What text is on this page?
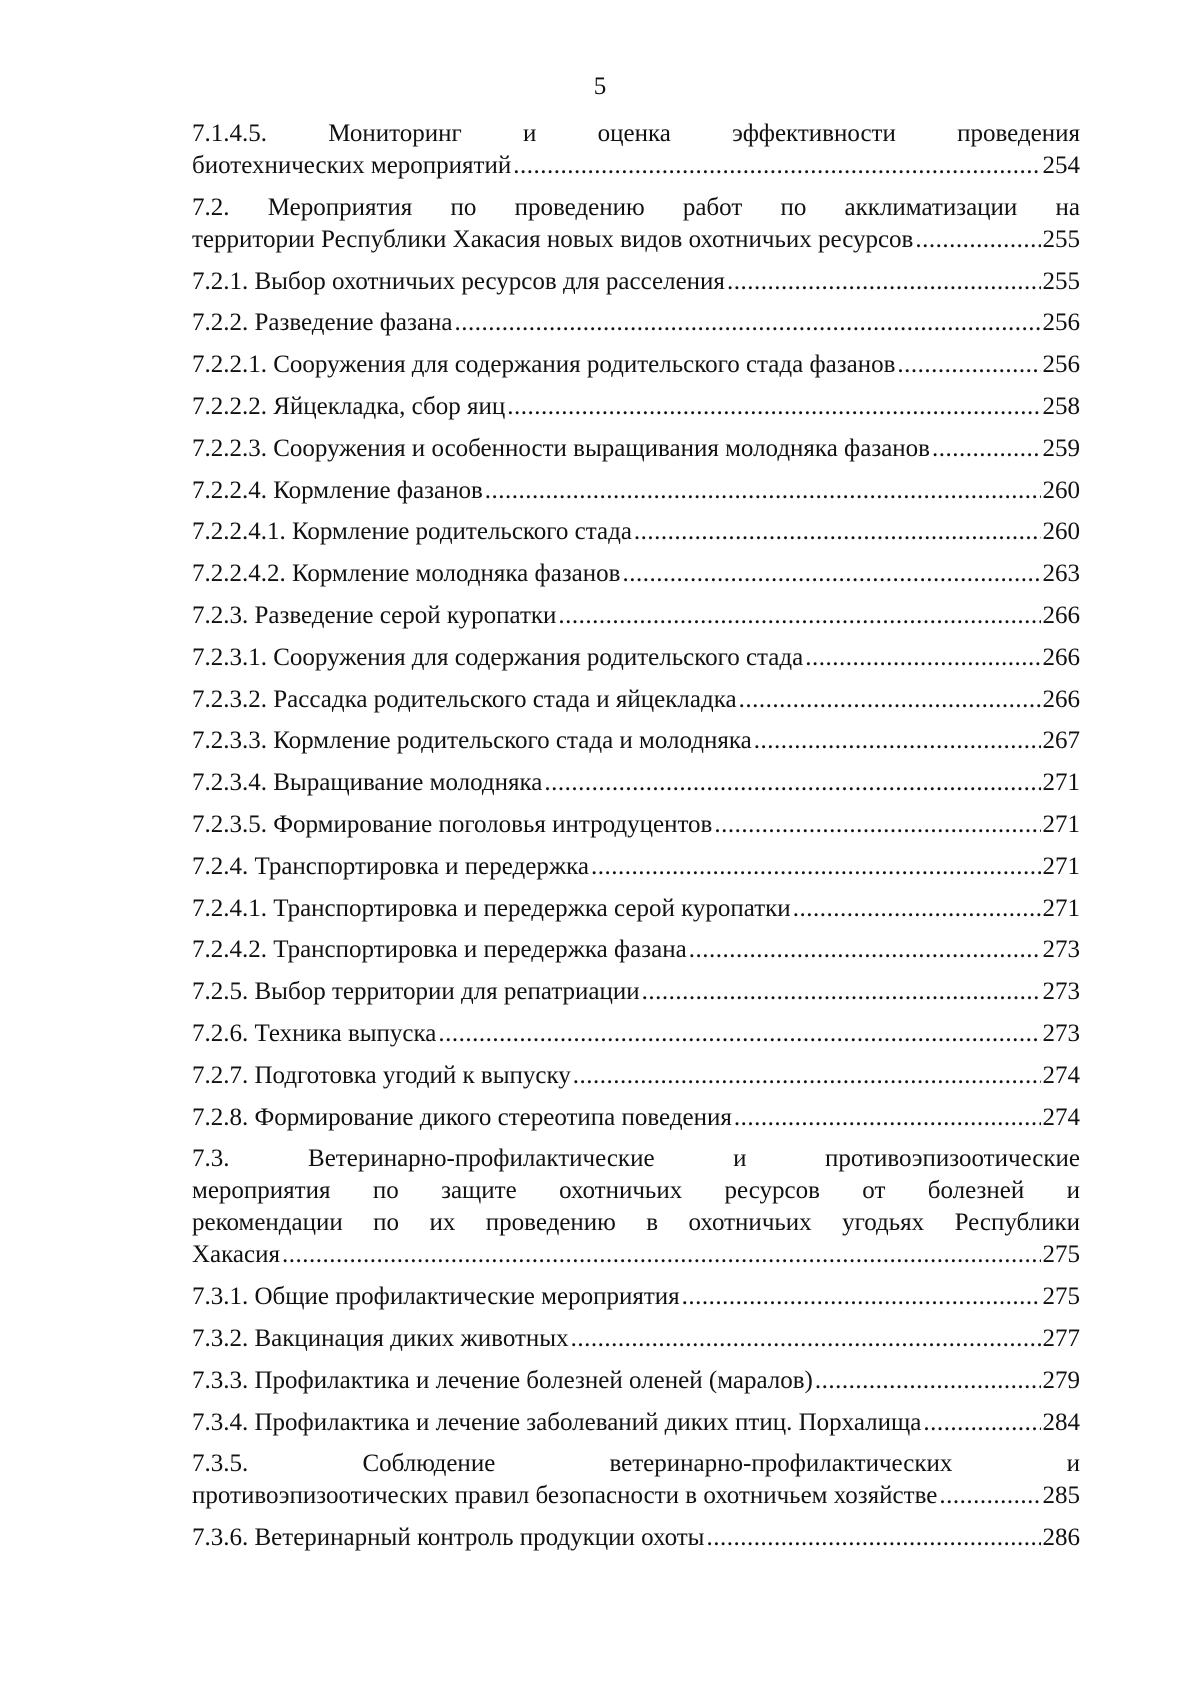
5
7.1.4.5. Мониторинг и оценка эффективности проведения
биотехнических мероприятий .....	254
7.2. Мероприятия по проведению работ по акклиматизации на
территории Республики Хакасия новых видов охотничьих ресурсов .....	255
7.2.1. Выбор охотничьих ресурсов для расселения .....	255
7.2.2. Разведение фазана .....	256
7.2.2.1. Сооружения для содержания родительского стада фазанов .....	256
7.2.2.2. Яйцекладка, сбор яиц .....	258
7.2.2.3. Сооружения и особенности выращивания молодняка фазанов .....	259
7.2.2.4. Кормление фазанов .....	260
7.2.2.4.1. Кормление родительского стада .....	260
7.2.2.4.2. Кормление молодняка фазанов .....	263
7.2.3. Разведение серой куропатки .....	266
7.2.3.1. Сооружения для содержания родительского стада .....	266
7.2.3.2. Рассадка родительского стада и яйцекладка .....	266
7.2.3.3. Кормление родительского стада и молодняка .....	267
7.2.3.4. Выращивание молодняка .....	271
7.2.3.5. Формирование поголовья интродуцентов .....	271
7.2.4. Транспортировка и передержка .....	271
7.2.4.1. Транспортировка и передержка серой куропатки .....	271
7.2.4.2. Транспортировка и передержка фазана .....	273
7.2.5. Выбор территории для репатриации .....	273
7.2.6. Техника выпуска .....	273
7.2.7. Подготовка угодий к выпуску .....	274
7.2.8. Формирование дикого стереотипа поведения .....	274
7.3. Ветеринарно-профилактические и противоэпизоотические
мероприятия по защите охотничьих ресурсов от болезней и
рекомендации по их проведению в охотничьих угодьях Республики
Хакасия .....	275
7.3.1. Общие профилактические мероприятия .....	275
7.3.2. Вакцинация диких животных .....	277
7.3.3. Профилактика и лечение болезней оленей (маралов) .....	279
7.3.4. Профилактика и лечение заболеваний диких птиц. Порхалища .....	284
7.3.5. Соблюдение ветеринарно-профилактических и
противоэпизоотических правил безопасности в охотничьем хозяйстве .....	285
7.3.6. Ветеринарный контроль продукции охоты .....	286
